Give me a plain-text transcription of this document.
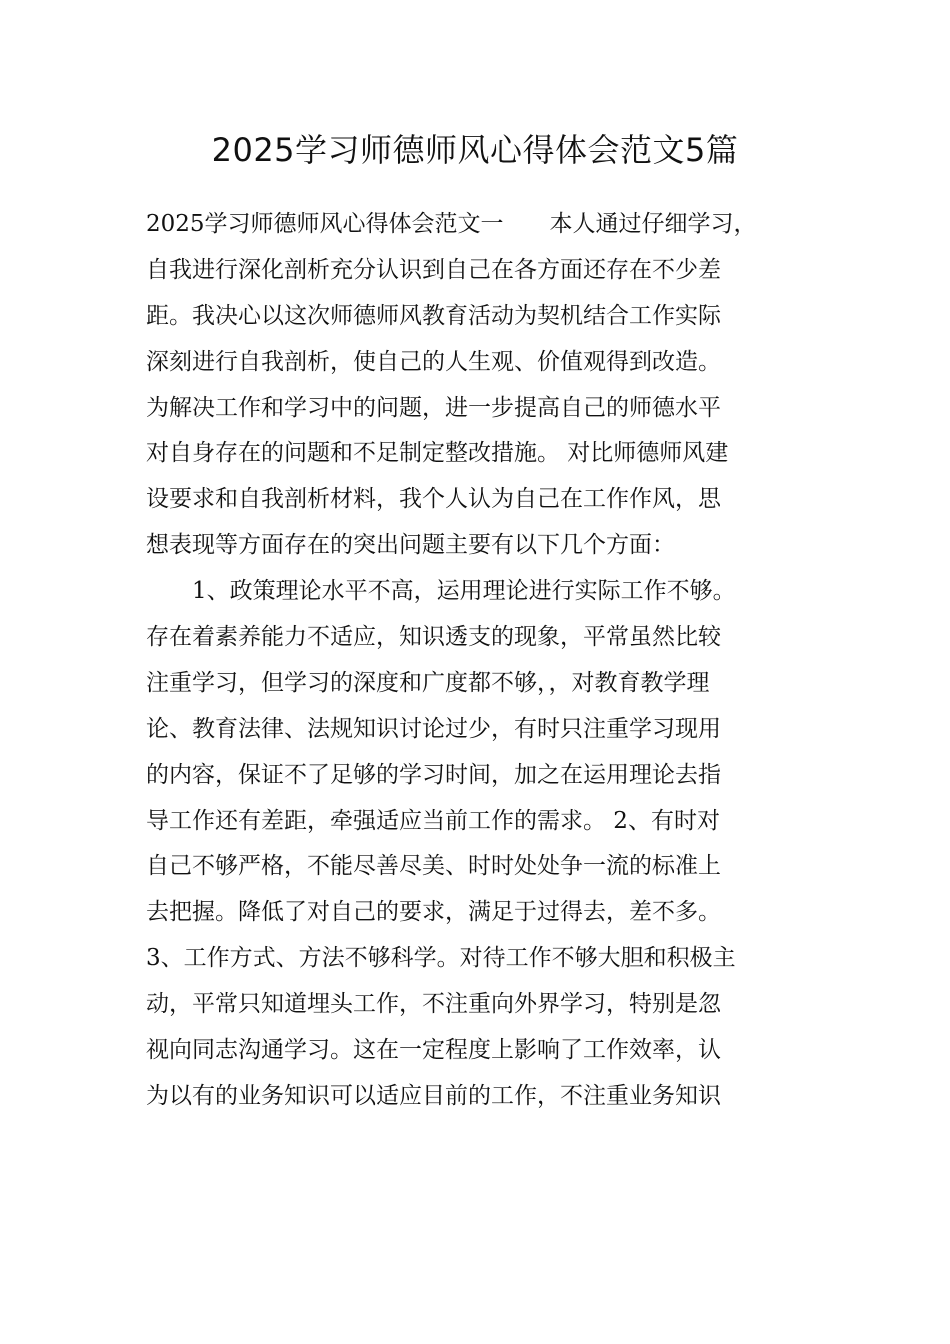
2025学习师德师风心得体会范文5篇
2025学习师德师风心得体会范文一　　本人通过仔细学习，
自我进行深化剖析充分认识到自己在各方面还存在不少差
距。我决心以这次师德师风教育活动为契机结合工作实际
深刻进行自我剖析，使自己的人生观、价值观得到改造。
为解决工作和学习中的问题，进一步提高自己的师德水平
对自身存在的问题和不足制定整改措施。 对比师德师风建
设要求和自我剖析材料，我个人认为自己在工作作风，思
想表现等方面存在的突出问题主要有以下几个方面：
　　1、政策理论水平不高，运用理论进行实际工作不够。
存在着素养能力不适应，知识透支的现象，平常虽然比较
注重学习，但学习的深度和广度都不够，，对教育教学理
论、教育法律、法规知识讨论过少，有时只注重学习现用
的内容，保证不了足够的学习时间，加之在运用理论去指
导工作还有差距，牵强适应当前工作的需求。 2、有时对
自己不够严格，不能尽善尽美、时时处处争一流的标准上
去把握。降低了对自己的要求，满足于过得去，差不多。
3、工作方式、方法不够科学。对待工作不够大胆和积极主
动，平常只知道埋头工作，不注重向外界学习，特别是忽
视向同志沟通学习。这在一定程度上影响了工作效率，认
为以有的业务知识可以适应目前的工作，不注重业务知识
